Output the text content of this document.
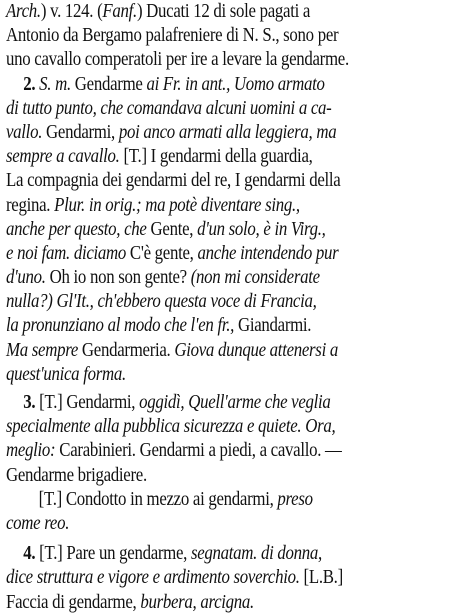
Arch.) v. 124. (Fanf.) Ducati 12 di sole pagati a
Antonio da Bergamo palafreniere di N. S., sono per
uno cavallo comperatoli per ire a levare la gendarme.
2. S. m. Gendarme ai Fr. in ant., Uomo armato
di tutto punto, che comandava alcuni uomini a ca-
vallo. Gendarmi, poi anco armati alla leggiera, ma
sempre a cavallo. [T.] I gendarmi della guardia,
La compagnia dei gendarmi del re, I gendarmi della
regina. Plur. in orig.; ma potè diventare sing.,
anche per questo, che Gente, d'un solo, è in Virg.,
e noi fam. diciamo C'è gente, anche intendendo pur
d'uno. Oh io non son gente? (non mi considerate
nulla?) Gl'It., ch'ebbero questa voce di Francia,
la pronunziano al modo che l'en fr., Giandarmi.
Ma sempre Gendarmeria. Giova dunque attenersi a
quest'unica forma.
3. [T.] Gendarmi, oggidì, Quell'arme che veglia
specialmente alla pubblica sicurezza e quiete. Ora,
meglio: Carabinieri. Gendarmi a piedi, a cavallo. —
Gendarme brigadiere.
[T.] Condotto in mezzo ai gendarmi, preso
come reo.
4. [T.] Pare un gendarme, segnatam. di donna,
dice struttura e vigore e ardimento soverchio. [L.B.]
Faccia di gendarme, burbera, arcigna.
